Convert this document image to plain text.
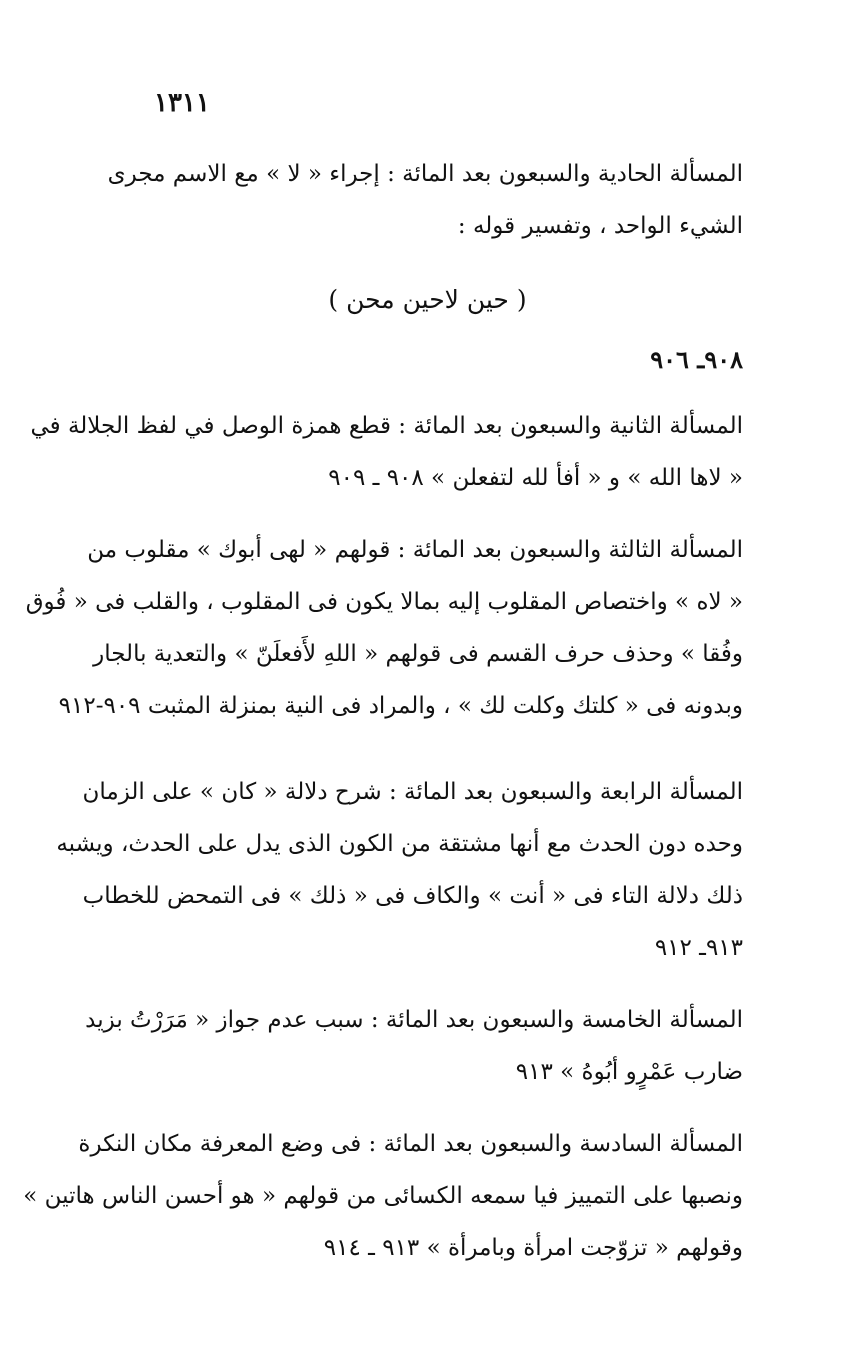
١٣١١
المسألة الحادية والسبعون بعد المائة : إجراء « لا » مع الاسم مجرى
الشيء الواحد ، وتفسير قوله :
( حين لاحين محن )
٩٠٨ـ ٩٠٦
المسألة الثانية والسبعون بعد المائة : قطع همزة الوصل في لفظ الجلالة في
« لاها الله » و « أفأ لله لتفعلن » ٩٠٨ ـ ٩٠٩
المسألة الثالثة والسبعون بعد المائة : قولهم « لهى أبوك » مقلوب من
« لاه » واختصاص المقلوب إليه بمالا يكون فى المقلوب ، والقلب فى « فُوق
وفُقا » وحذف حرف القسم فى قولهم « اللهِ لأَفعلَنّ » والتعدية بالجار
وبدونه فى « كلتك وكلت لك » ، والمراد فى النية بمنزلة المثبت ٩٠٩-٩١٢
المسألة الرابعة والسبعون بعد المائة : شرح دلالة « كان » على الزمان
وحده دون الحدث مع أنها مشتقة من الكون الذى يدل على الحدث، ويشبه
ذلك دلالة التاء فى « أنت » والكاف فى « ذلك » فى التمحض للخطاب
٩١٣ـ ٩١٢
المسألة الخامسة والسبعون بعد المائة : سبب عدم جواز « مَرَرْتُ بزيد
ضارب عَمْرٍو أبُوهُ » ٩١٣
المسألة السادسة والسبعون بعد المائة : فى وضع المعرفة مكان النكرة
ونصبها على التمييز فيا سمعه الكسائى من قولهم « هو أحسن الناس هاتين »
وقولهم « تزوّجت امرأة وبامرأة » ٩١٣ ـ ٩١٤
